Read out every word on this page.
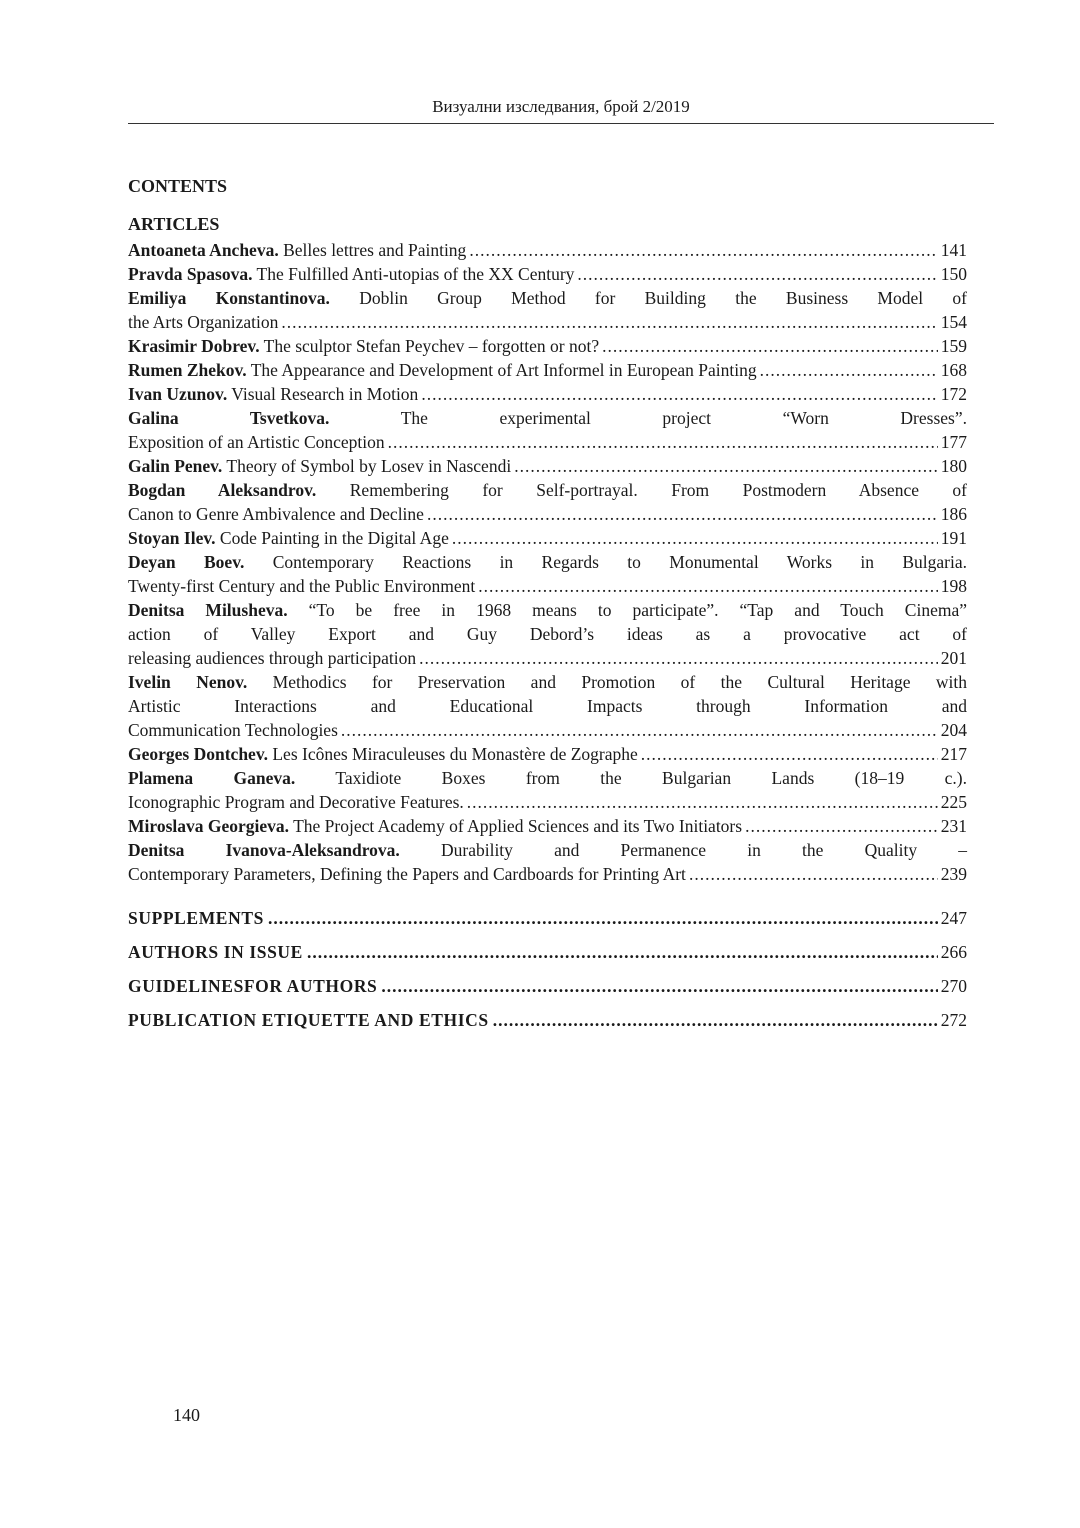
Визуални изследвания, брой 2/2019
CONTENTS
ARTICLES
Antoaneta Ancheva. Belles lettres and Painting .....	141
Pravda Spasova. The Fulfilled Anti-utopias of the XX Century .....	150
Emiliya Konstantinova. Doblin Group Method for Building the Business Model of
the Arts Organization .....	154
Krasimir Dobrev. The sculptor Stefan Peychev – forgotten or not? .....	159
Rumen Zhekov. The Appearance and Development of Art Informel in European Painting .....	168
Ivan Uzunov. Visual Research in Motion .....	172
Galina Tsvetkova.	The experimental project “Worn Dresses”.
Exposition of an Artistic Conception .....	177
Galin Penev. Theory of Symbol by Losev in Nascendi .....	180
Bogdan Aleksandrov. Remembering for Self-portrayal. From Postmodern Absence of
Canon to Genre Ambivalence and Decline .....	186
Stoyan Ilev. Code Painting in the Digital Age .....	191
Deyan Boev. Contemporary Reactions in Regards to Monumental Works in Bulgaria.
Twenty-first Century and the Public Environment .....	198
Denitsa Milusheva. “To be free in 1968 means to participate”. “Tap and Touch Cinema”
action of Valley Export and Guy Debord’s ideas as a provocative act of
releasing audiences through participation .....	201
Ivelin Nenov. Methodics for Preservation and Promotion of the Cultural Heritage with
Artistic Interactions and Educational Impacts through Information and
Communication Technologies .....	204
Georges Dontchev. Les Icônes Miraculeuses du Monastère de Zographe .....	217
Plamena Ganeva. Taxidiote Boxes from the Bulgarian Lands (18–19 c.).
Iconographic Program and Decorative Features. .....	225
Miroslava Georgieva. The Project Academy of Applied Sciences and its Two Initiators .....	231
Denitsa Ivanova-Aleksandrova. Durability and Permanence in the Quality –
Contemporary Parameters, Defining the Papers and Cardboards for Printing Art .....	239
SUPPLEMENTS .....	247
AUTHORS IN ISSUE .....	266
GUIDELINESFOR AUTHORS .....	270
PUBLICATION ETIQUETTE AND ETHICS .....	272
140
